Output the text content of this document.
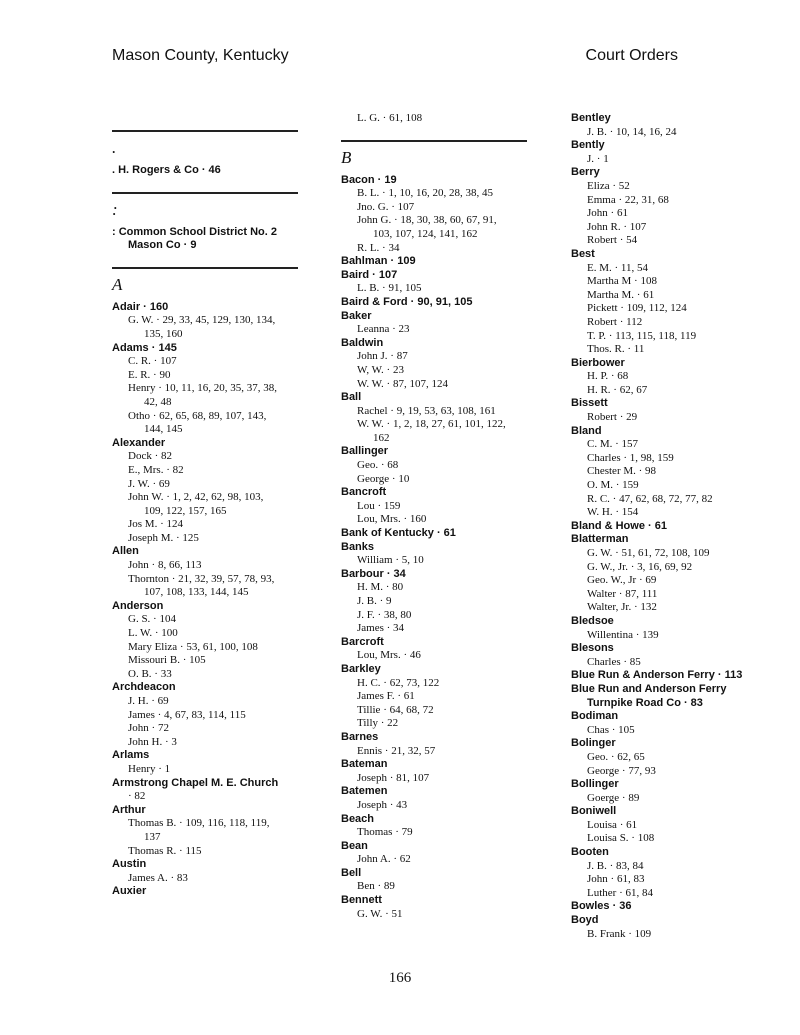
Mason County, Kentucky	Court Orders
.
. H. Rogers & Co · 46
:
: Common School District No. 2
Mason Co · 9
A
Adair · 160
G. W. · 29, 33, 45, 129, 130, 134,
135, 160
Adams · 145
C. R. · 107
E. R. · 90
Henry · 10, 11, 16, 20, 35, 37, 38,
42, 48
Otho · 62, 65, 68, 89, 107, 143,
144, 145
Alexander
Dock · 82
E., Mrs. · 82
J. W. · 69
John W. · 1, 2, 42, 62, 98, 103,
109, 122, 157, 165
Jos M. · 124
Joseph M. · 125
Allen
John · 8, 66, 113
Thornton · 21, 32, 39, 57, 78, 93,
107, 108, 133, 144, 145
Anderson
G. S. · 104
L. W. · 100
Mary Eliza · 53, 61, 100, 108
Missouri B. · 105
O. B. · 33
Archdeacon
J. H. · 69
James · 4, 67, 83, 114, 115
John · 72
John H. · 3
Arlams
Henry · 1
Armstrong Chapel M. E. Church
· 82
Arthur
Thomas B. · 109, 116, 118, 119,
137
Thomas R. · 115
Austin
James A. · 83
Auxier
L. G. · 61, 108
B
Bacon · 19
B. L. · 1, 10, 16, 20, 28, 38, 45
Jno. G. · 107
John G. · 18, 30, 38, 60, 67, 91,
103, 107, 124, 141, 162
R. L. · 34
Bahlman · 109
Baird · 107
L. B. · 91, 105
Baird & Ford · 90, 91, 105
Baker
Leanna · 23
Baldwin
John J. · 87
W, W. · 23
W. W. · 87, 107, 124
Ball
Rachel · 9, 19, 53, 63, 108, 161
W. W. · 1, 2, 18, 27, 61, 101, 122,
162
Ballinger
Geo. · 68
George · 10
Bancroft
Lou · 159
Lou, Mrs. · 160
Bank of Kentucky · 61
Banks
William · 5, 10
Barbour · 34
H. M. · 80
J. B. · 9
J. F. · 38, 80
James · 34
Barcroft
Lou, Mrs. · 46
Barkley
H. C. · 62, 73, 122
James F. · 61
Tillie · 64, 68, 72
Tilly · 22
Barnes
Ennis · 21, 32, 57
Bateman
Joseph · 81, 107
Batemen
Joseph · 43
Beach
Thomas · 79
Bean
John A. · 62
Bell
Ben · 89
Bennett
G. W. · 51
Bentley
J. B. · 10, 14, 16, 24
Bently
J. · 1
Berry
Eliza · 52
Emma · 22, 31, 68
John · 61
John R. · 107
Robert · 54
Best
E. M. · 11, 54
Martha M · 108
Martha M. · 61
Pickett · 109, 112, 124
Robert · 112
T. P. · 113, 115, 118, 119
Thos. R. · 11
Bierbower
H. P. · 68
H. R. · 62, 67
Bissett
Robert · 29
Bland
C. M. · 157
Charles · 1, 98, 159
Chester M. · 98
O. M. · 159
R. C. · 47, 62, 68, 72, 77, 82
W. H. · 154
Bland & Howe · 61
Blatterman
G. W. · 51, 61, 72, 108, 109
G. W., Jr. · 3, 16, 69, 92
Geo. W., Jr · 69
Walter · 87, 111
Walter, Jr. · 132
Bledsoe
Willentina · 139
Blesons
Charles · 85
Blue Run & Anderson Ferry · 113
Blue Run and Anderson Ferry
Turnpike Road Co · 83
Bodiman
Chas · 105
Bolinger
Geo. · 62, 65
George · 77, 93
Bollinger
Goerge · 89
Boniwell
Louisa · 61
Louisa S. · 108
Booten
J. B. · 83, 84
John · 61, 83
Luther · 61, 84
Bowles · 36
Boyd
B. Frank · 109
166
